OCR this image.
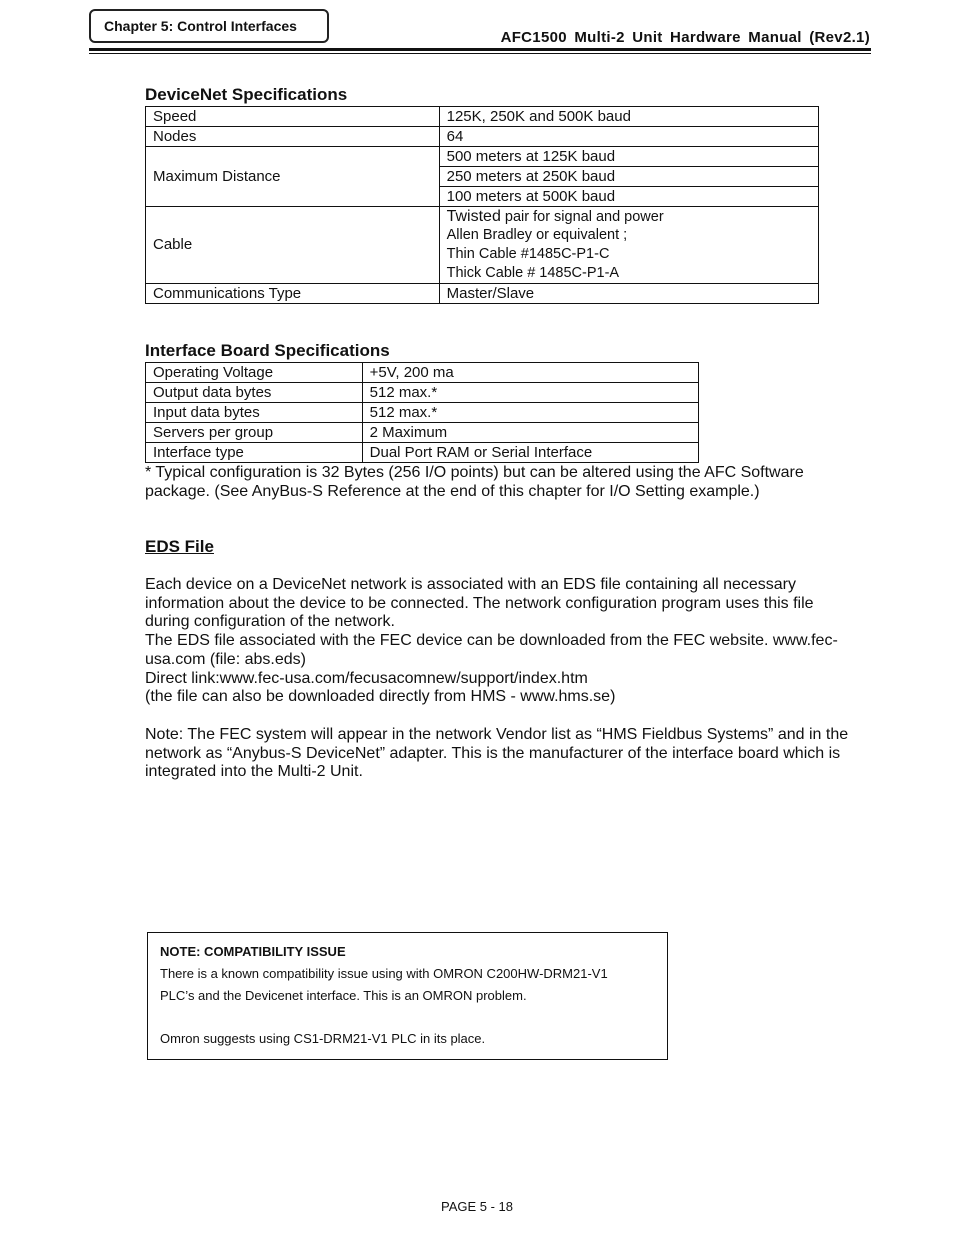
Chapter 5: Control Interfaces
AFC1500 Multi-2 Unit Hardware Manual (Rev2.1)
DeviceNet Specifications
Speed	125K, 250K and 500K baud
Nodes	64
Maximum Distance	500 meters at 125K baud
	250 meters at 250K baud
	100 meters at 500K baud
Cable	Twisted pair for signal and power
Allen Bradley or equivalent ;
Thin Cable #1485C-P1-C
Thick Cable # 1485C-P1-A

Communications Type	Master/Slave
Interface Board Specifications
Operating Voltage	+5V, 200 ma
Output data bytes	512 max.*
Input data bytes	512 max.*
Servers per group	2 Maximum
Interface type	Dual Port RAM or Serial Interface
* Typical configuration is 32 Bytes (256 I/O points) but can be altered using the AFC Software
package. (See AnyBus-S Reference at the end of this chapter for I/O Setting example.)
EDS File
Each device on a DeviceNet network is associated with an EDS file containing all necessary
information about the device to be connected. The network configuration program uses this file
during configuration of the network.
The EDS file associated with the FEC device can be downloaded from the FEC website. www.fec-
usa.com (file: abs.eds)
Direct link:www.fec-usa.com/fecusacomnew/support/index.htm
(the file can also be downloaded directly from HMS - www.hms.se)
Note: The FEC system will appear in the network Vendor list as “HMS Fieldbus Systems” and in the
network as “Anybus-S DeviceNet” adapter. This is the manufacturer of the interface board which is
integrated into the Multi-2 Unit.
NOTE: COMPATIBILITY ISSUE
There is a known compatibility issue using with OMRON C200HW-DRM21-V1
PLC’s and the Devicenet interface. This is an OMRON problem.
Omron suggests using CS1-DRM21-V1 PLC in its place.
PAGE 5 - 18
